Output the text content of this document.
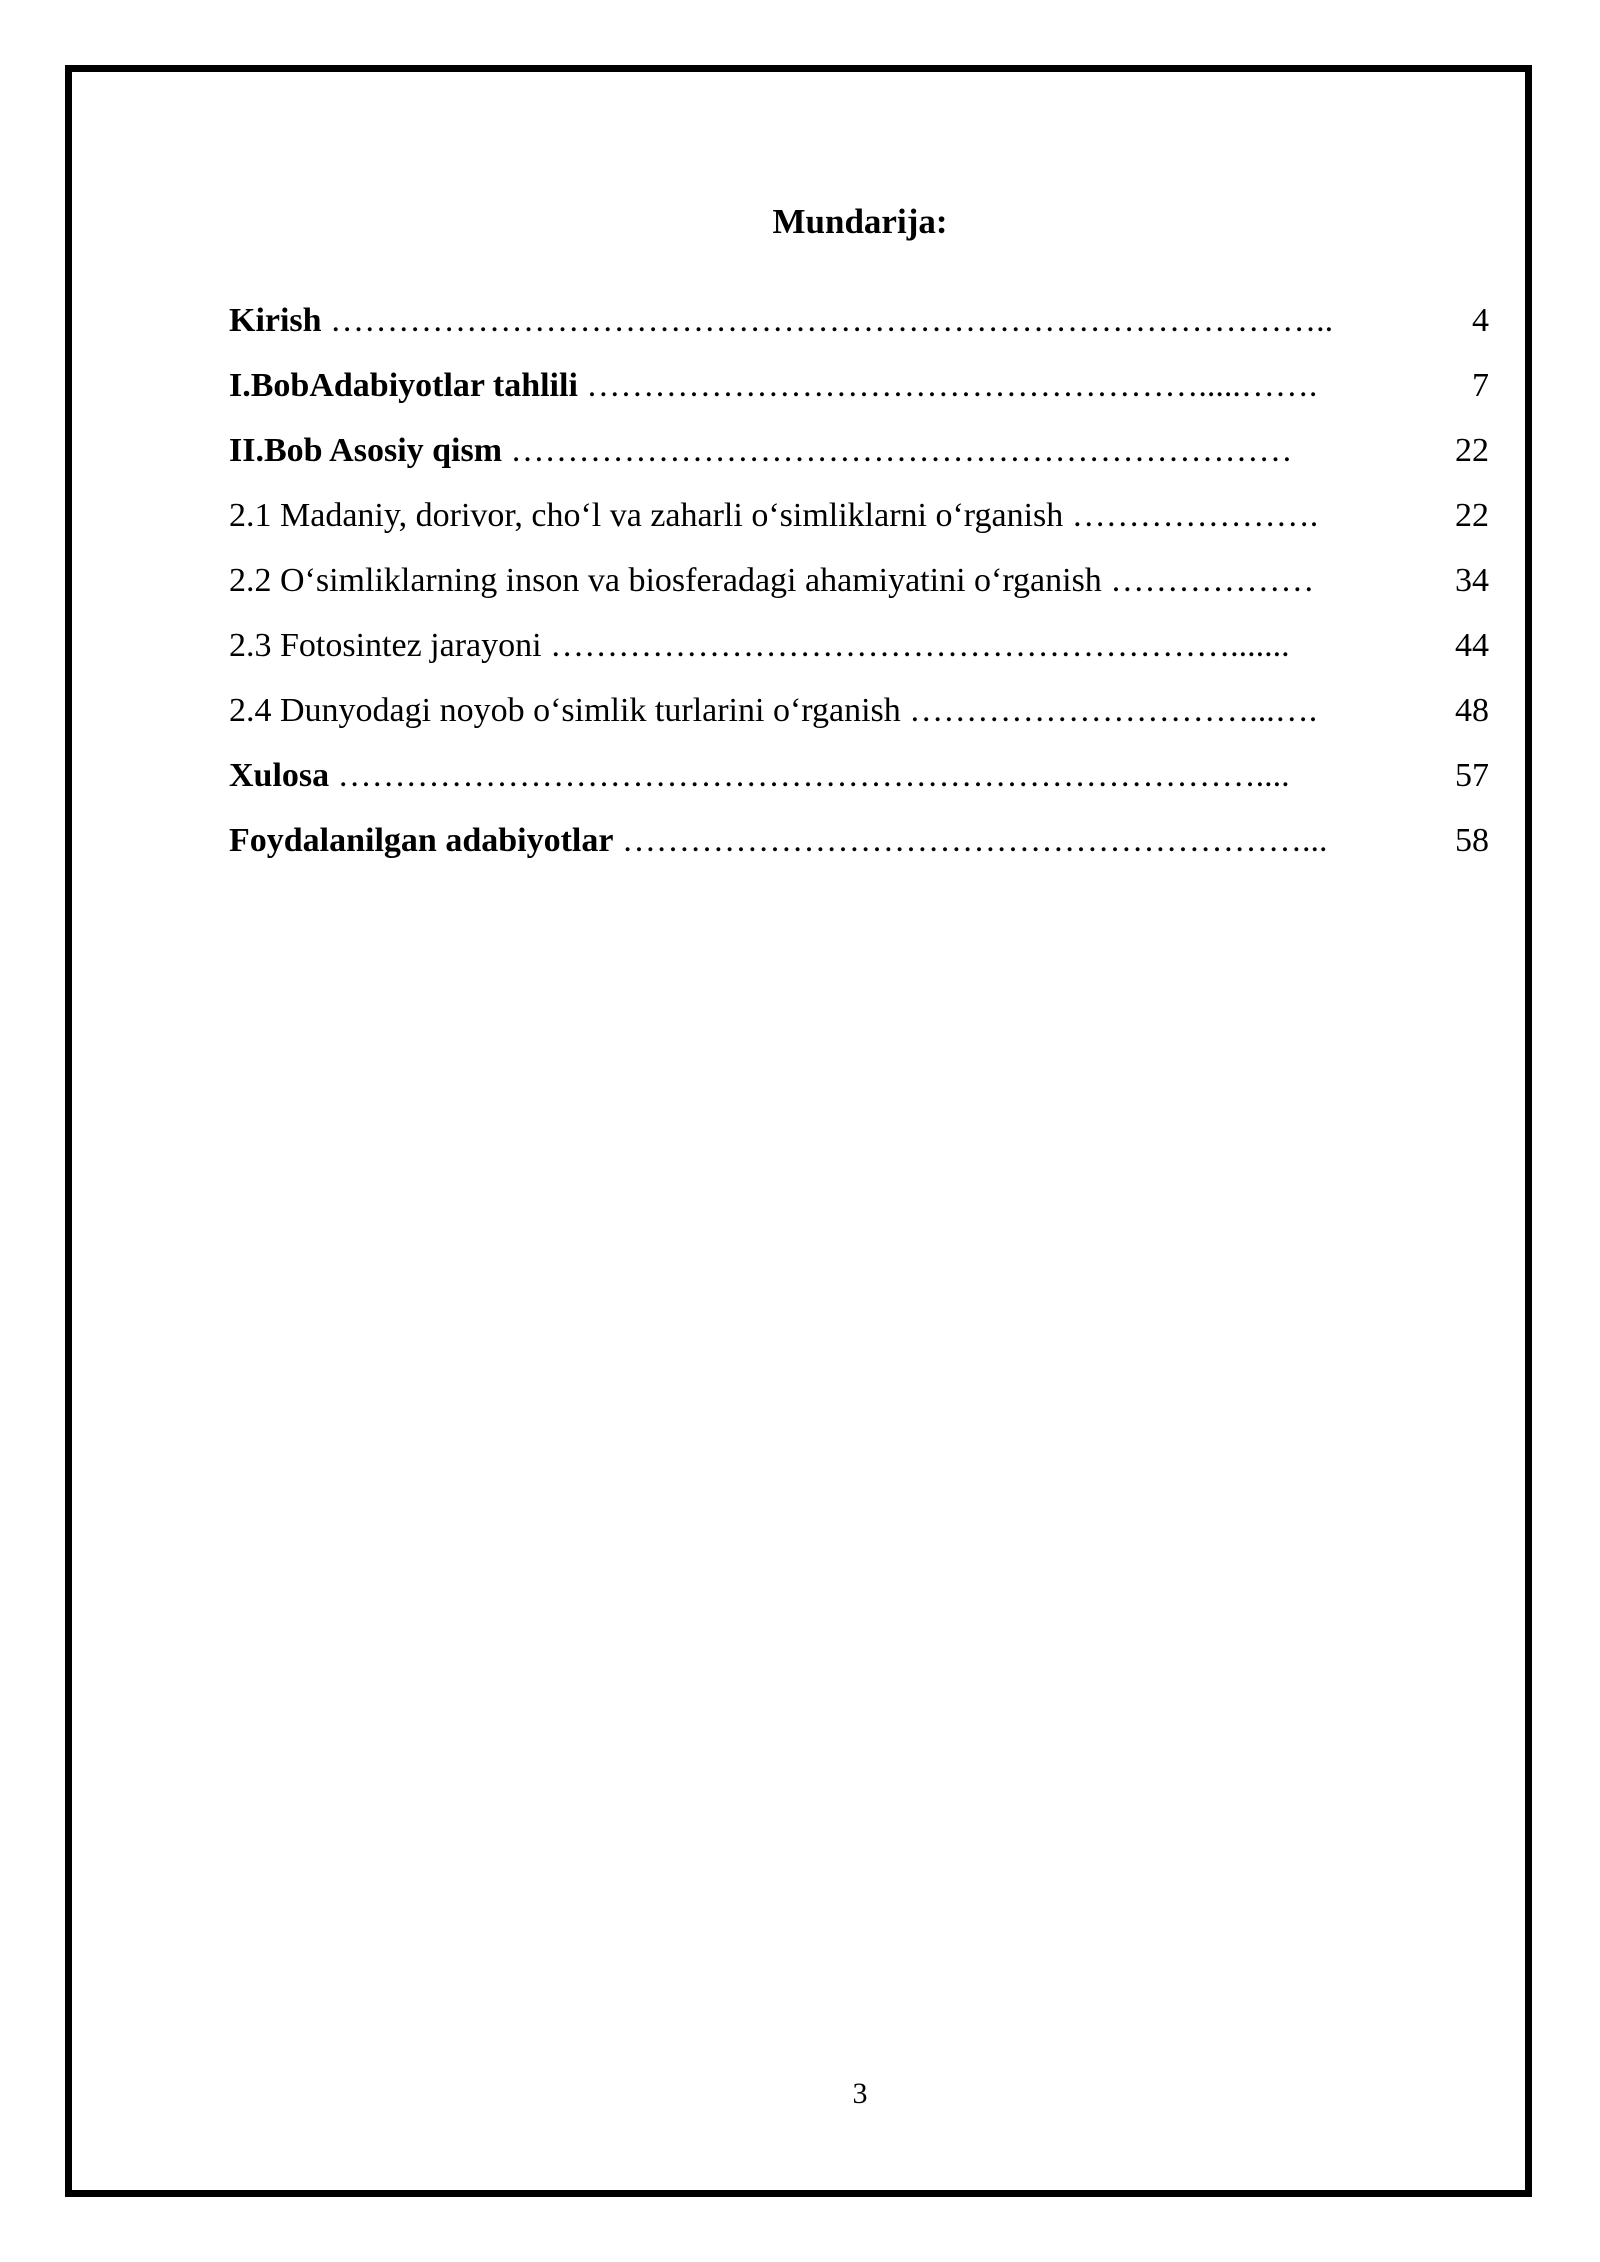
Mundarija:
Kirish ……………………………………………………………………………..	4
I.BobAdabiyotlar tahlili ……………………………………………….....…….	7
II.Bob Asosiy qism ……………………………………………………………	22
2.1 Madaniy, dorivor, cho‘l va zaharli o‘simliklarni o‘rganish ………………….	22
2.2 O‘simliklarning inson va biosferadagi ahamiyatini o‘rganish ………………	34
2.3 Fotosintez jarayoni …………………………………………………….......	44
2.4 Dunyodagi noyob o‘simlik turlarini o‘rganish …………………………...….	48
Xulosa ………………………………………………………………………....	57
Foydalanilgan adabiyotlar ……………………………………………………...	58
3
